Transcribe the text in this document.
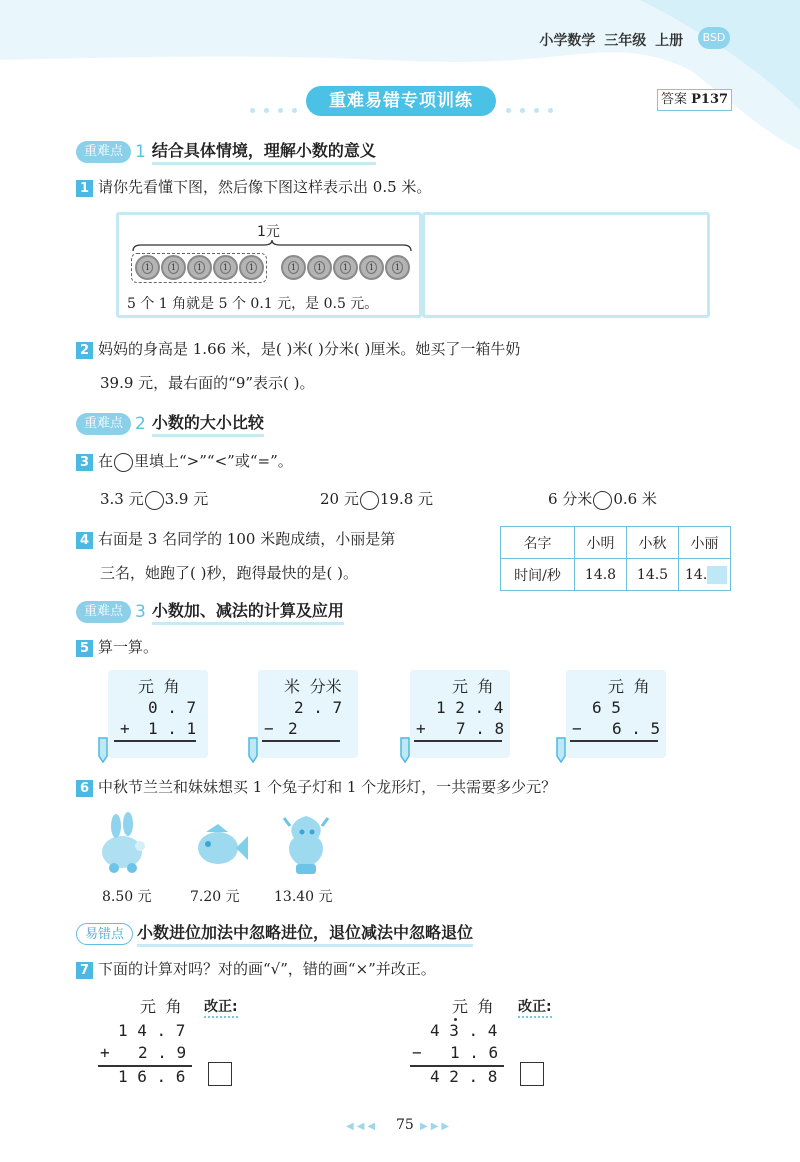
小学数学 三年级 上册	BSD
重难易错专项训练	答案 P137
重难点 1 结合具体情境，理解小数的意义
1 请你先看懂下图，然后像下图这样表示出 0.5 米。
1元
1	1	1	1	1	1	1	1	1	1
5 个 1 角就是 5 个 0.1 元，是 0.5 元。
2 妈妈的身高是 1.66 米，是( )米( )分米( )厘米。她买了一箱牛奶
39.9 元，最右面的“9”表示( )。
重难点 2 小数的大小比较
3 在 里填上“>”“<”或“=”。
3.3 元 3.9 元	20 元 19.8 元	6 分米 0.6 米
4 右面是 3 名同学的 100 米跑成绩，小丽是第
三名，她跑了( )秒，跑得最快的是( )。
名字	小明	小秋	小丽
时间/秒	14.8	14.5	14.
重难点 3 小数加、减法的计算及应用
5 算一算。
元 角
0 . 7
+ 1 . 1
米 分米
2 . 7
− 2
元 角
1 2 . 4
+ 7 . 8
元 角
6 5
− 6 . 5
6 中秋节兰兰和妹妹想买 1 个兔子灯和 1 个龙形灯，一共需要多少元？
8.50 元	7.20 元 13.40 元
易错点 小数进位加法中忽略进位，退位减法中忽略退位
7 下面的计算对吗？对的画“√”，错的画“×”并改正。
元 角 改正:
1 4 . 7
+ 2 . 9
1 6 . 6
元 角 改正:
4 3 . 4
− 1 . 6
4 2 . 8
◀◀◀ 75 ▶▶▶
